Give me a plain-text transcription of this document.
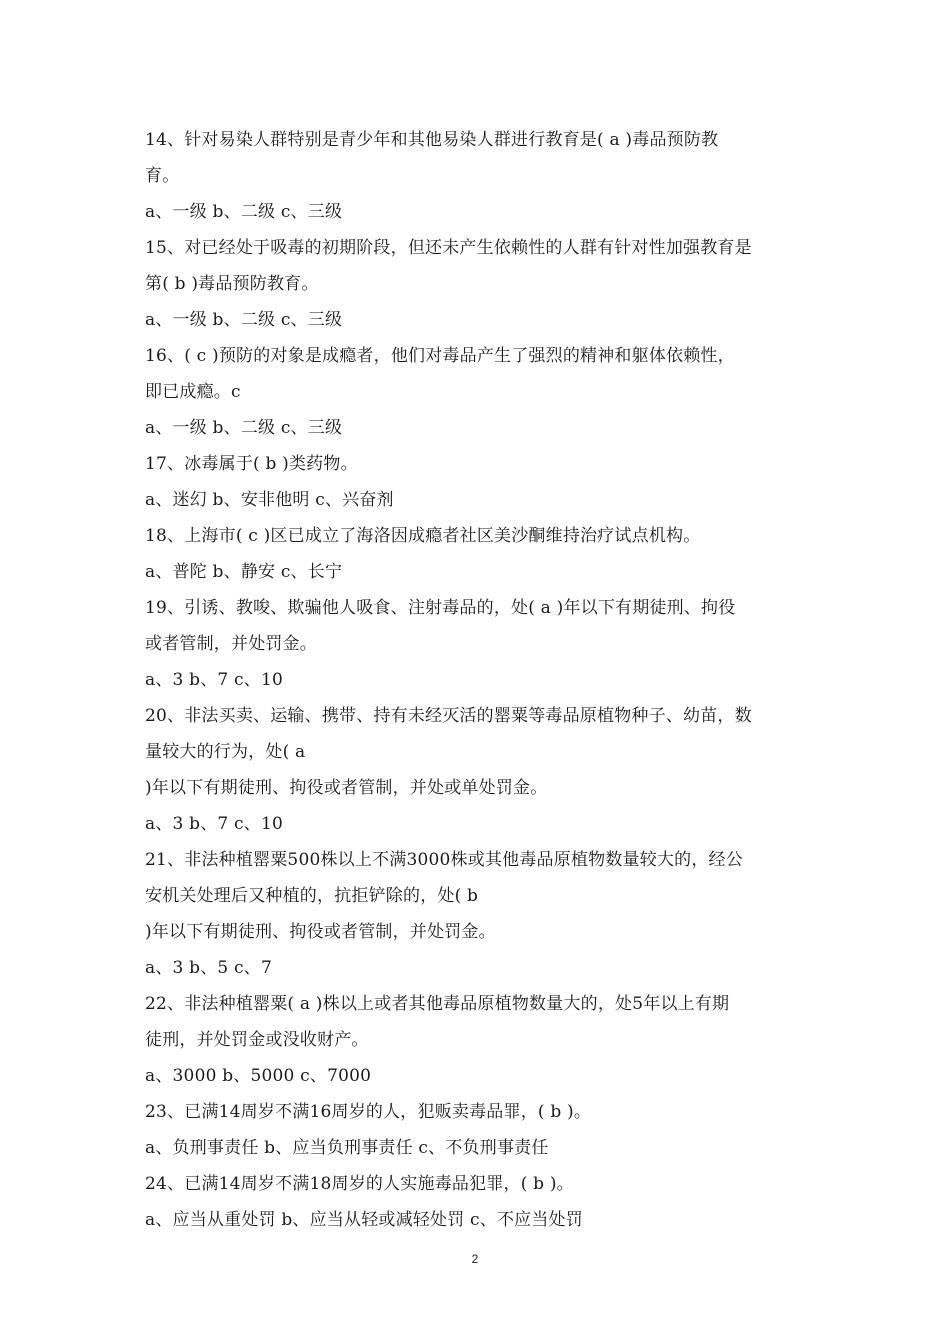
14、针对易染人群特别是青少年和其他易染人群进行教育是( a )毒品预防教
育。
a、一级 b、二级 c、三级
15、对已经处于吸毒的初期阶段，但还未产生依赖性的人群有针对性加强教育是
第( b )毒品预防教育。
a、一级 b、二级 c、三级
16、( c )预防的对象是成瘾者，他们对毒品产生了强烈的精神和躯体依赖性，
即已成瘾。c
a、一级 b、二级 c、三级
17、冰毒属于( b )类药物。
a、迷幻 b、安非他明 c、兴奋剂
18、上海市( c )区已成立了海洛因成瘾者社区美沙酮维持治疗试点机构。
a、普陀 b、静安 c、长宁
19、引诱、教唆、欺骗他人吸食、注射毒品的，处( a )年以下有期徒刑、拘役
或者管制，并处罚金。
a、3 b、7 c、10
20、非法买卖、运输、携带、持有未经灭活的罂粟等毒品原植物种子、幼苗，数
量较大的行为，处( a
)年以下有期徒刑、拘役或者管制，并处或单处罚金。
a、3 b、7 c、10
21、非法种植罂粟500株以上不满3000株或其他毒品原植物数量较大的，经公
安机关处理后又种植的，抗拒铲除的，处( b
)年以下有期徒刑、拘役或者管制，并处罚金。
a、3 b、5 c、7
22、非法种植罂粟( a )株以上或者其他毒品原植物数量大的，处5年以上有期
徒刑，并处罚金或没收财产。
a、3000 b、5000 c、7000
23、已满14周岁不满16周岁的人，犯贩卖毒品罪，( b )。
a、负刑事责任 b、应当负刑事责任 c、不负刑事责任
24、已满14周岁不满18周岁的人实施毒品犯罪，( b )。
a、应当从重处罚 b、应当从轻或减轻处罚 c、不应当处罚
2
